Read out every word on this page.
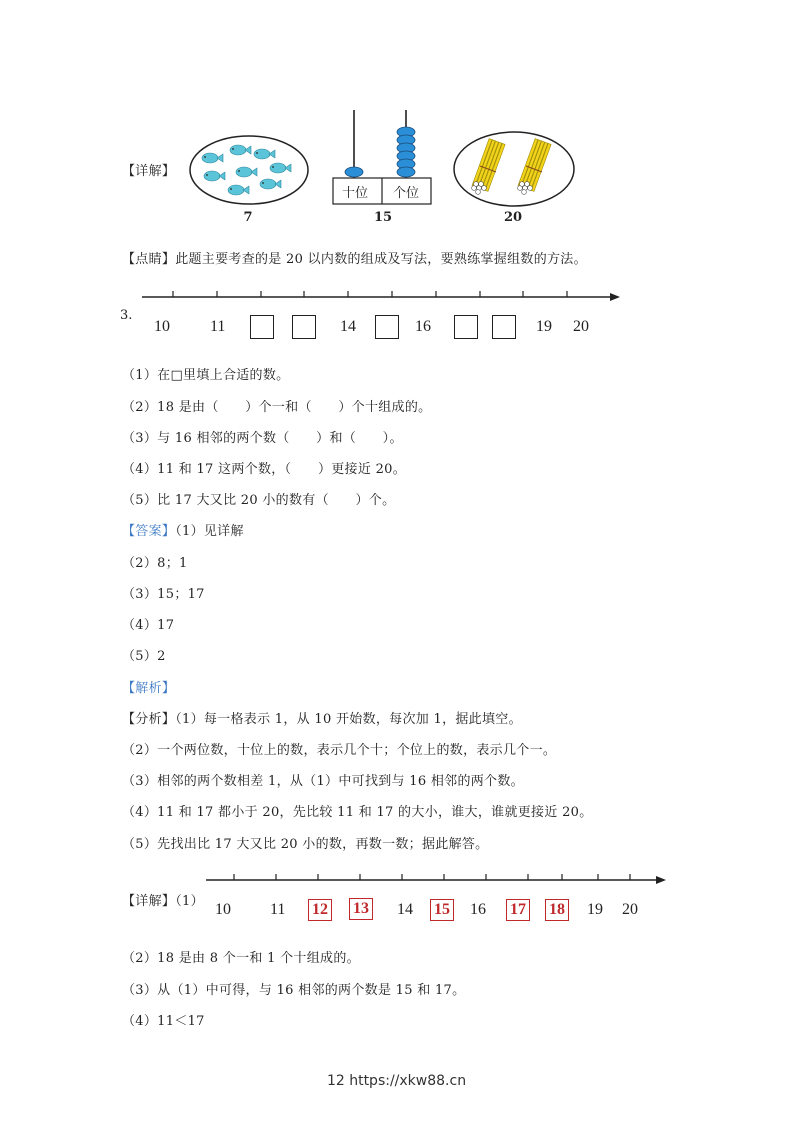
【详解】
7
十位 个位
15	20
【点睛】此题主要考查的是 20 以内数的组成及写法，要熟练掌握组数的方法。
3.
10	11	14	16	19 20
（1）在□里填上合适的数。
（2）18 是由（　　）个一和（　　）个十组成的。
（3）与 16 相邻的两个数（　　）和（　　）。
（4）11 和 17 这两个数，（　　）更接近 20。
（5）比 17 大又比 20 小的数有（　　）个。
【答案】（1）见详解
（2）8；1
（3）15；17
（4）17
（5）2
【解析】
【分析】（1）每一格表示 1，从 10 开始数，每次加 1，据此填空。
（2）一个两位数，十位上的数，表示几个十；个位上的数，表示几个一。
（3）相邻的两个数相差 1，从（1）中可找到与 16 相邻的两个数。
（4）11 和 17 都小于 20，先比较 11 和 17 的大小，谁大，谁就更接近 20。
（5）先找出比 17 大又比 20 小的数，再数一数；据此解答。
【详解】（1） 10 11 12 13 14 15 16 17 18 19 20
（2）18 是由 8 个一和 1 个十组成的。
（3）从（1）中可得，与 16 相邻的两个数是 15 和 17。
（4）11＜17
12 https://xkw88.cn
